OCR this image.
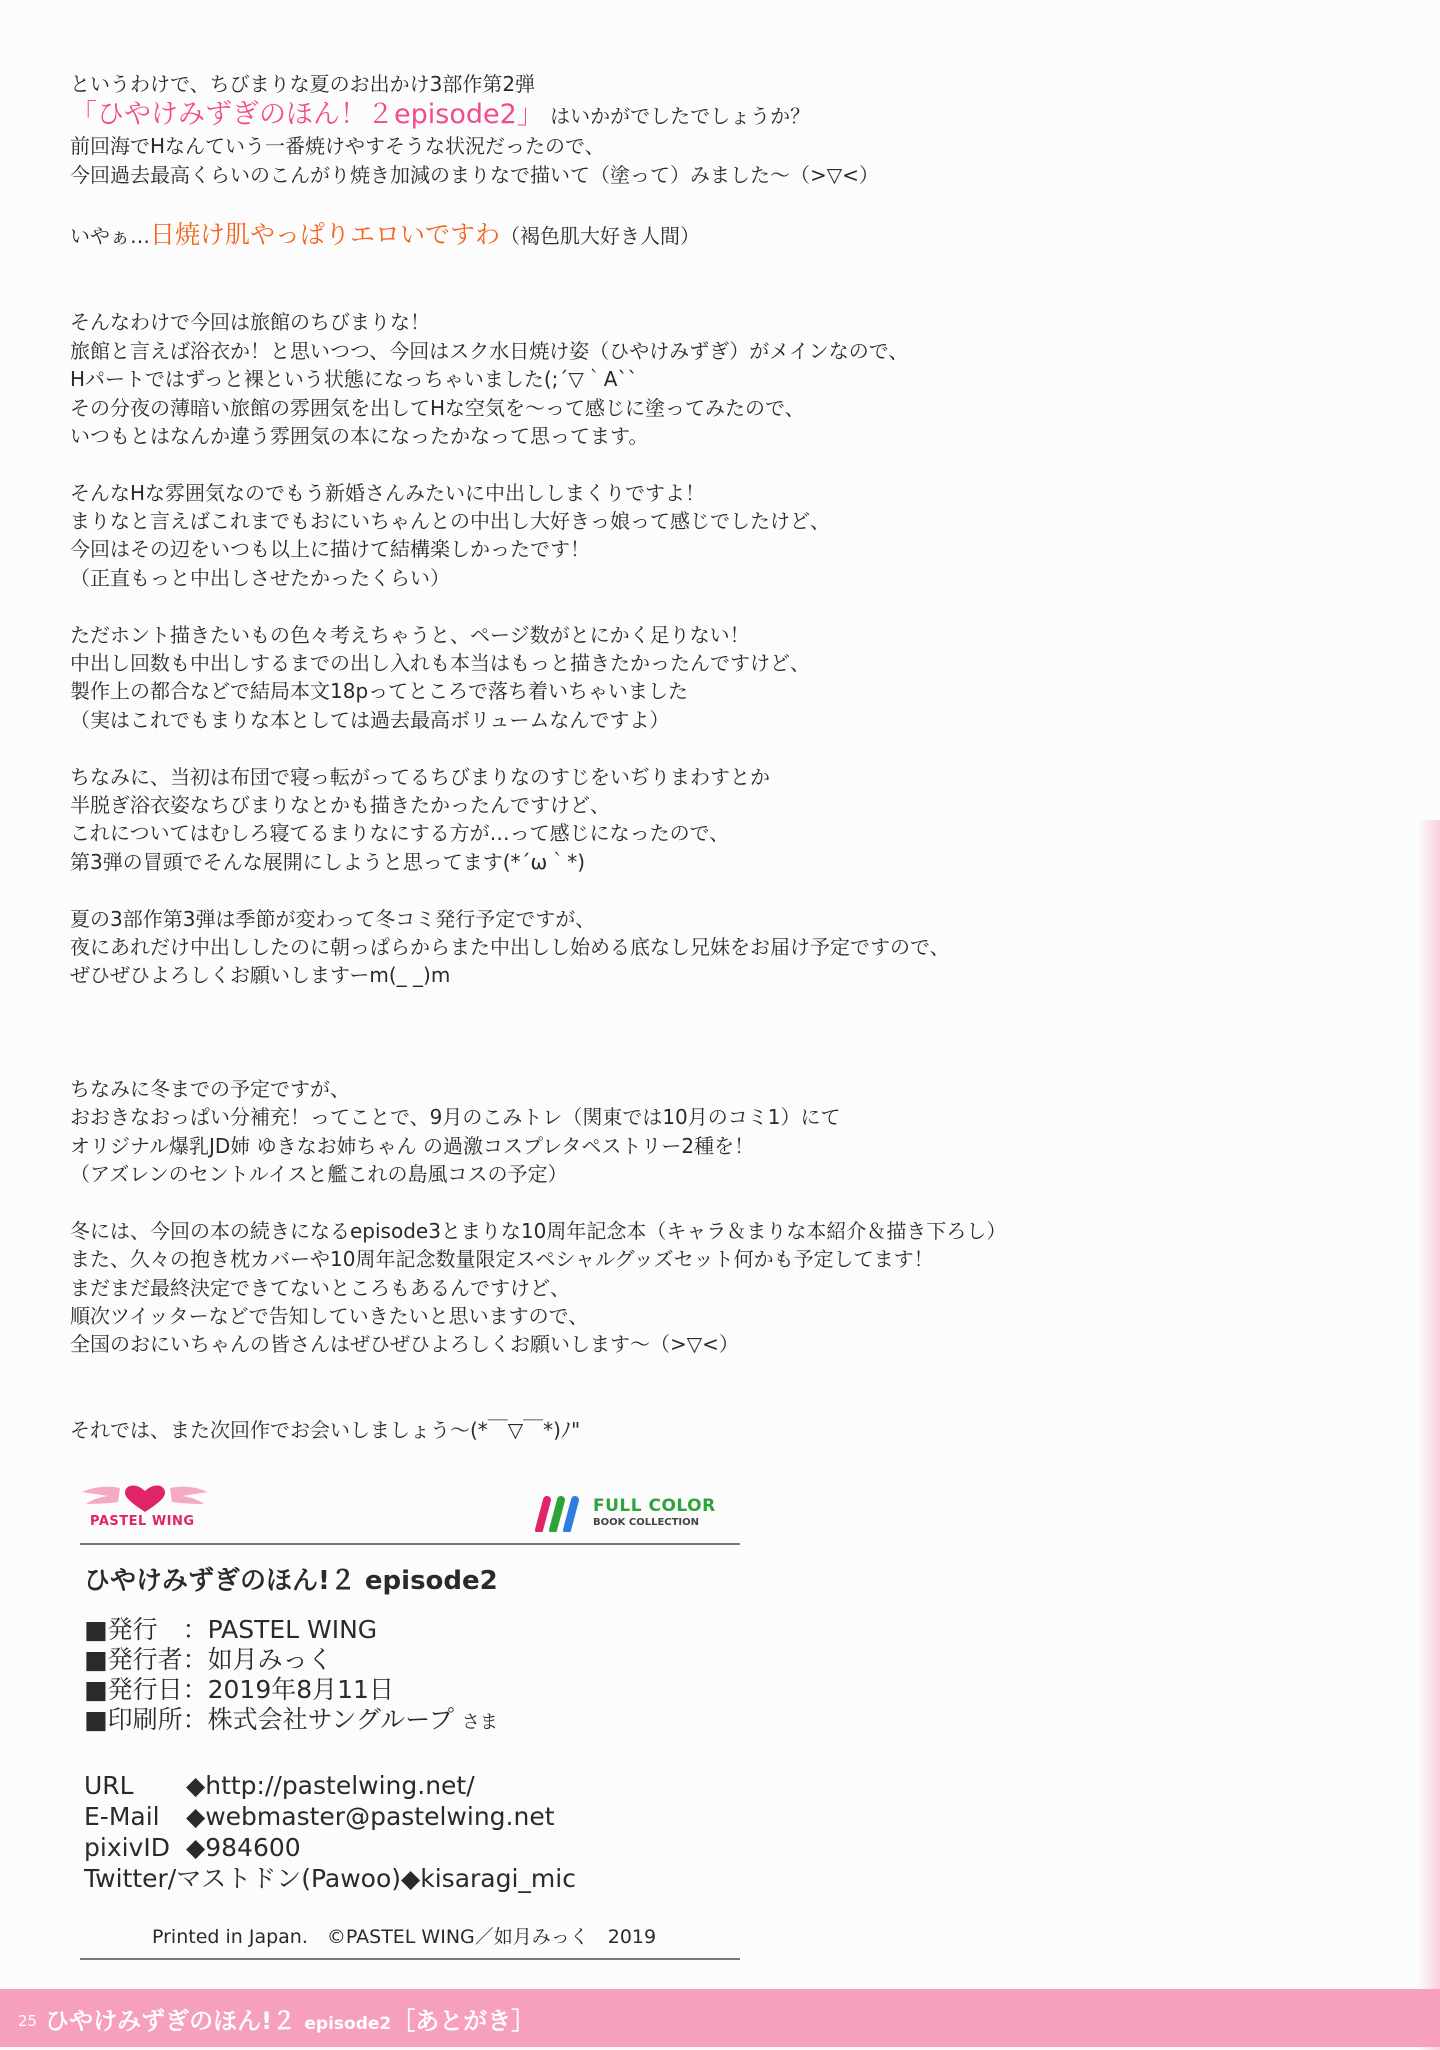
というわけで、ちびまりな夏のお出かけ3部作第2弾
「ひやけみずぎのほん！２episode2」 はいかがでしたでしょうか？
前回海でHなんていう一番焼けやすそうな状況だったので、
今回過去最高くらいのこんがり焼き加減のまりなで描いて（塗って）みました～（>▽<）
いやぁ…日焼け肌やっぱりエロいですわ（褐色肌大好き人間）
そんなわけで今回は旅館のちびまりな！
旅館と言えば浴衣か！と思いつつ、今回はスク水日焼け姿（ひやけみずぎ）がメインなので、
Hパートではずっと裸という状態になっちゃいました(;´▽｀A``
その分夜の薄暗い旅館の雰囲気を出してHな空気を～って感じに塗ってみたので、
いつもとはなんか違う雰囲気の本になったかなって思ってます。
そんなHな雰囲気なのでもう新婚さんみたいに中出ししまくりですよ！
まりなと言えばこれまでもおにいちゃんとの中出し大好きっ娘って感じでしたけど、
今回はその辺をいつも以上に描けて結構楽しかったです！
（正直もっと中出しさせたかったくらい）
ただホント描きたいもの色々考えちゃうと、ページ数がとにかく足りない！
中出し回数も中出しするまでの出し入れも本当はもっと描きたかったんですけど、
製作上の都合などで結局本文18pってところで落ち着いちゃいました
（実はこれでもまりな本としては過去最高ボリュームなんですよ）
ちなみに、当初は布団で寝っ転がってるちびまりなのすじをいぢりまわすとか
半脱ぎ浴衣姿なちびまりなとかも描きたかったんですけど、
これについてはむしろ寝てるまりなにする方が…って感じになったので、
第3弾の冒頭でそんな展開にしようと思ってます(*´ω｀*)
夏の3部作第3弾は季節が変わって冬コミ発行予定ですが、
夜にあれだけ中出ししたのに朝っぱらからまた中出しし始める底なし兄妹をお届け予定ですので、
ぜひぜひよろしくお願いしますーm(_ _)m
ちなみに冬までの予定ですが、
おおきなおっぱい分補充！ってことで、9月のこみトレ（関東では10月のコミ1）にて
オリジナル爆乳JD姉 ゆきなお姉ちゃん の過激コスプレタペストリー2種を！
（アズレンのセントルイスと艦これの島風コスの予定）
冬には、今回の本の続きになるepisode3とまりな10周年記念本（キャラ＆まりな本紹介＆描き下ろし）
また、久々の抱き枕カバーや10周年記念数量限定スペシャルグッズセット何かも予定してます！
まだまだ最終決定できてないところもあるんですけど、
順次ツイッターなどで告知していきたいと思いますので、
全国のおにいちゃんの皆さんはぜひぜひよろしくお願いします～（>▽<）
それでは、また次回作でお会いしましょう～(*￣▽￣*)ﾉ"
PASTEL WING
FULL COLOR
BOOK COLLECTION
ひやけみずぎのほん!２ episode2
■発行　：PASTEL WING
■発行者：如月みっく
■発行日：2019年8月11日
■印刷所：株式会社サングループ さま
URL ◆http://pastelwing.net/
E-Mail ◆webmaster@pastelwing.net
pixivID ◆984600
Twitter/マストドン(Pawoo)◆kisaragi_mic
Printed in Japan.　©PASTEL WING／如月みっく　2019
25 ひやけみずぎのほん!２ episode2［あとがき］
